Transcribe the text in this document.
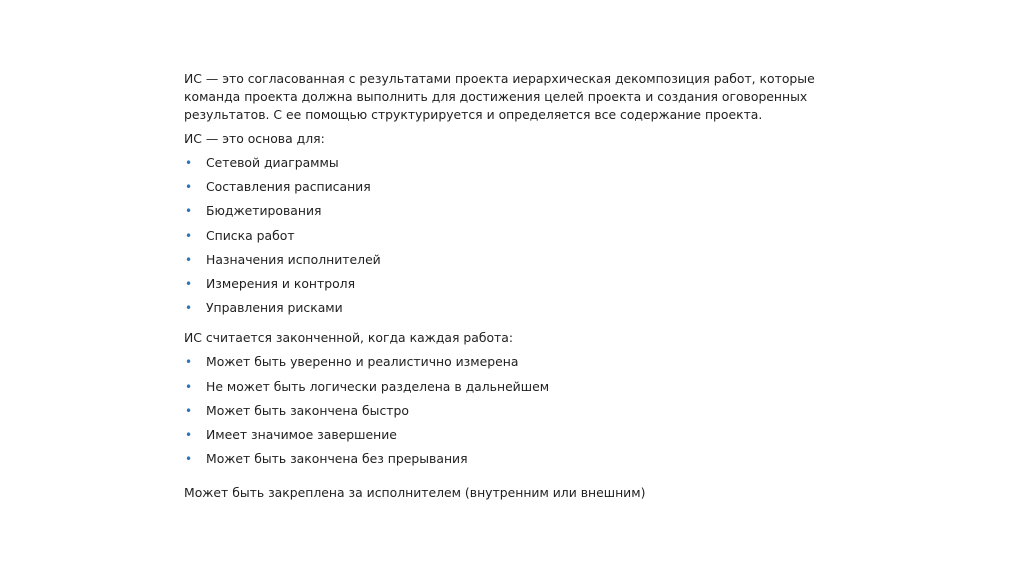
ИС — это согласованная с результатами проекта иерархическая декомпозиция работ, которые команда проекта должна выполнить для достижения целей проекта и создания оговоренных результатов. С ее помощью структурируется и определяется все содержание проекта.

ИС — это основа для:

• Сетевой диаграммы
• Составления расписания
• Бюджетирования
• Списка работ
• Назначения исполнителей
• Измерения и контроля
• Управления рисками

ИС считается законченной, когда каждая работа:

• Может быть уверенно и реалистично измерена
• Не может быть логически разделена в дальнейшем
• Может быть закончена быстро
• Имеет значимое завершение
• Может быть закончена без прерывания

Может быть закреплена за исполнителем (внутренним или внешним)
